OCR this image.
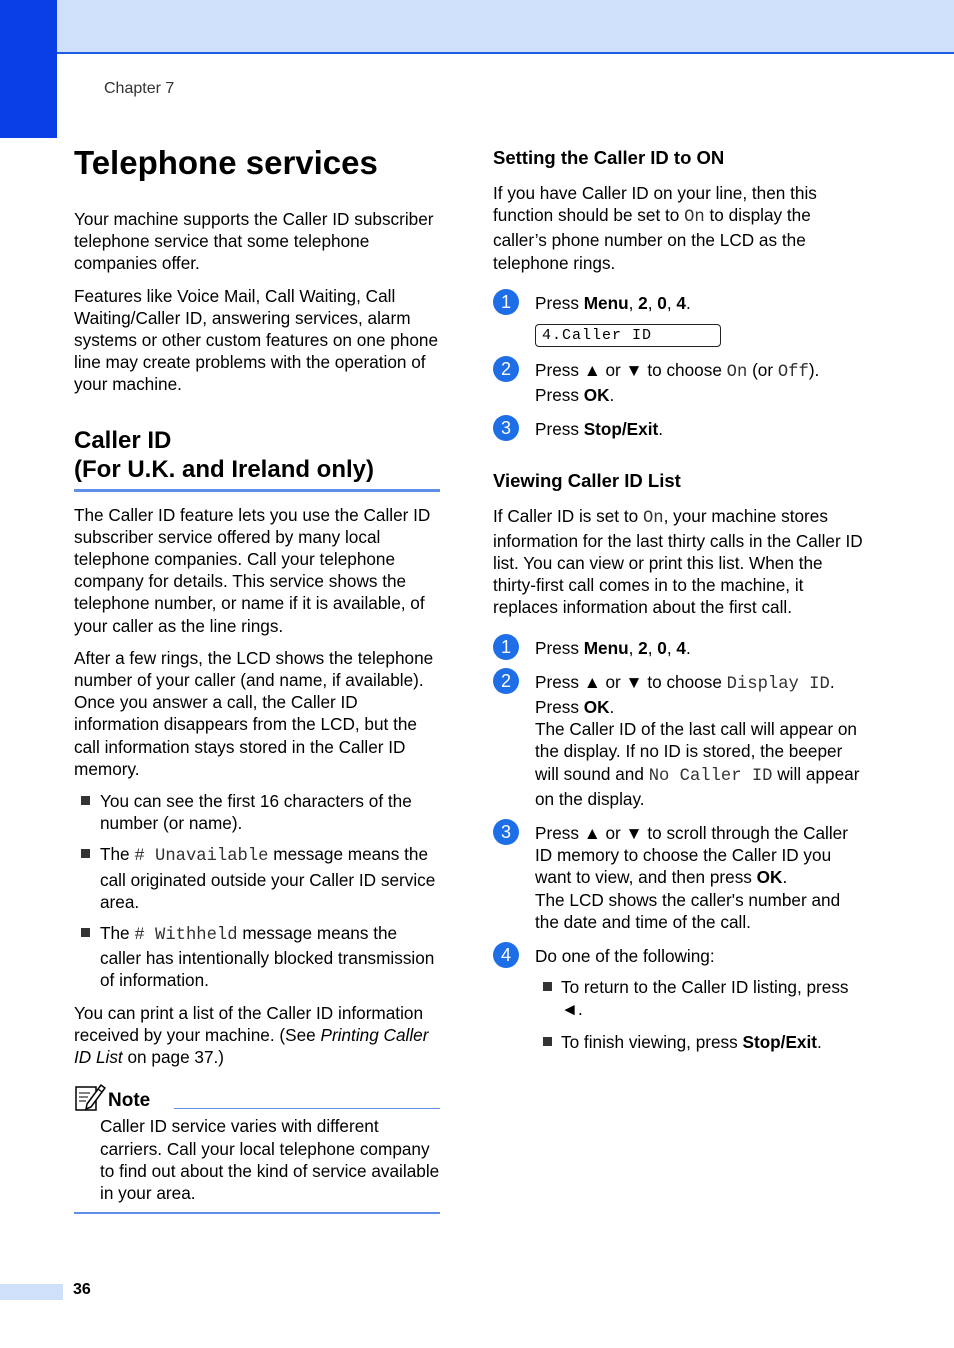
Chapter 7
Telephone services

Your machine supports the Caller ID subscriber telephone service that some telephone companies offer.

Features like Voice Mail, Call Waiting, Call Waiting/Caller ID, answering services, alarm systems or other custom features on one phone line may create problems with the operation of your machine.

Caller ID
(For U.K. and Ireland only)

The Caller ID feature lets you use the Caller ID subscriber service offered by many local telephone companies. Call your telephone company for details. This service shows the telephone number, or name if it is available, of your caller as the line rings.

After a few rings, the LCD shows the telephone number of your caller (and name, if available). Once you answer a call, the Caller ID information disappears from the LCD, but the call information stays stored in the Caller ID memory.

You can see the first 16 characters of the number (or name).
The # Unavailable message means the call originated outside your Caller ID service area.
The # Withheld message means the caller has intentionally blocked transmission of information.

You can print a list of the Caller ID information received by your machine. (See Printing Caller ID List on page 37.)

Note

Caller ID service varies with different carriers. Call your local telephone company to find out about the kind of service available in your area.

Setting the Caller ID to ON

If you have Caller ID on your line, then this function should be set to On to display the caller’s phone number on the LCD as the telephone rings.

1	Press Menu, 2, 0, 4.
4.Caller ID
2	Press ▲ or ▼ to choose On (or Off).
Press OK.
3	Press Stop/Exit.
Viewing Caller ID List

If Caller ID is set to On, your machine stores information for the last thirty calls in the Caller ID list. You can view or print this list. When the thirty-first call comes in to the machine, it replaces information about the first call.

1	Press Menu, 2, 0, 4.
2	Press ▲ or ▼ to choose Display ID.
Press OK.
The Caller ID of the last call will appear on the display. If no ID is stored, the beeper will sound and No Caller ID will appear on the display.
3	Press ▲ or ▼ to scroll through the Caller ID memory to choose the Caller ID you want to view, and then press OK.
The LCD shows the caller's number and the date and time of the call.
4	Do one of the following:
To return to the Caller ID listing, press ◄.
To finish viewing, press Stop/Exit.
36
